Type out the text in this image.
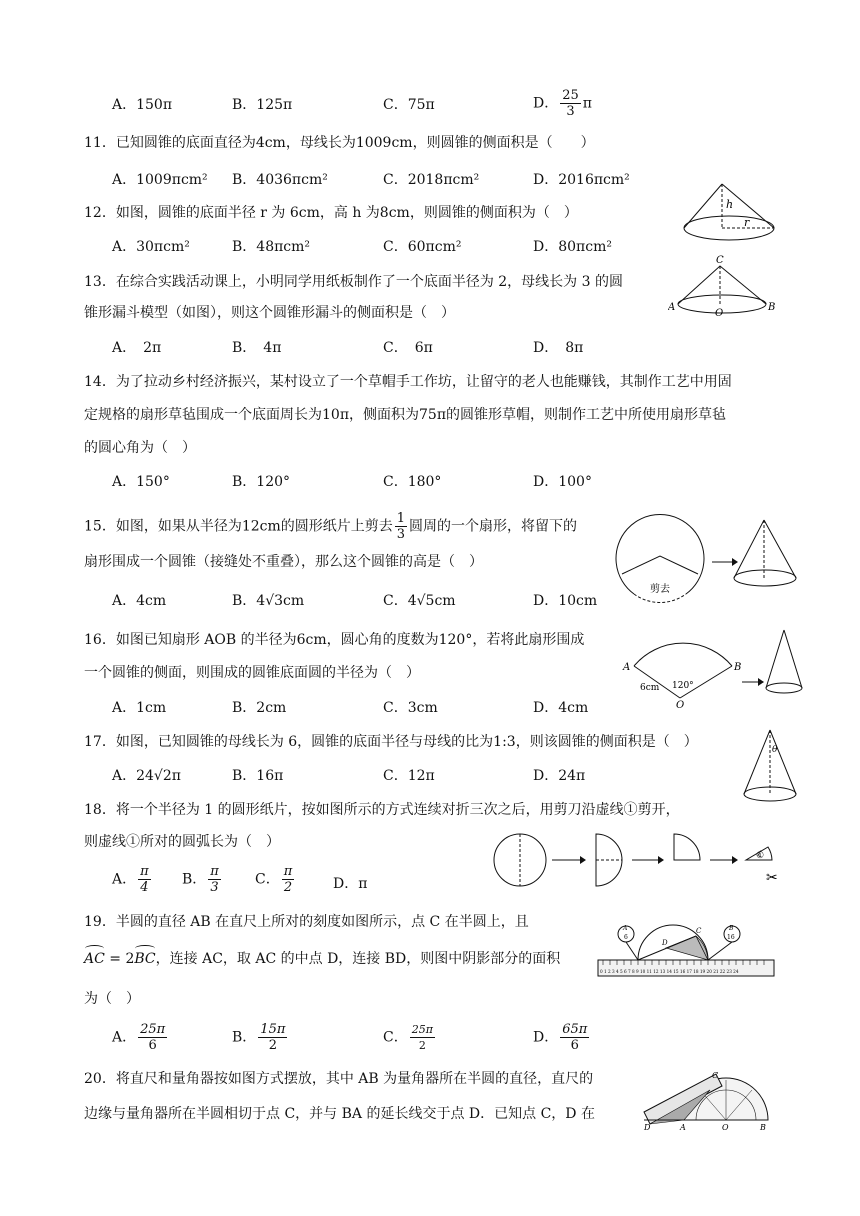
A．150π	B．125π	C．75π	D． $\frac{25}{3}$ π
11．已知圆锥的底面直径为4cm，母线长为1009cm，则圆锥的侧面积是（　　）
A．1009πcm² B．4036πcm²	C．2018πcm²	D．2016πcm²
12．如图，圆锥的底面半径 r 为 6cm，高 h 为8cm，则圆锥的侧面积为（　）
A．30πcm²	B．48πcm²	C．60πcm²	D．80πcm²
h
r
13．在综合实践活动课上，小明同学用纸板制作了一个底面半径为 2，母线长为 3 的圆
锥形漏斗模型（如图），则这个圆锥形漏斗的侧面积是（　）
A．　2π	B．　4π	C．　6π	D．　8π
C
A	B
O
14．为了拉动乡村经济振兴，某村设立了一个草帽手工作坊，让留守的老人也能赚钱，其制作工艺中用固
定规格的扇形草毡围成一个底面周长为10π，侧面积为75π的圆锥形草帽，则制作工艺中所使用扇形草毡
的圆心角为（　）
A．150°	B．120°	C．180°	D．100°
15．如图，如果从半径为12cm的圆形纸片上剪去 $\frac{1}{3}$ 圆周的一个扇形，将留下的
扇形围成一个圆锥（接缝处不重叠），那么这个圆锥的高是（　）
A．4cm	B．4√3cm	C．4√5cm	D．10cm
剪去
16．如图已知扇形 AOB 的半径为6cm，圆心角的度数为120°，若将此扇形围成
一个圆锥的侧面，则围成的圆锥底面圆的半径为（　）
A．1cm	B．2cm	C．3cm	D．4cm
A	B
O
6cm 120°
17．如图，已知圆锥的母线长为 6，圆锥的底面半径与母线的比为1:3，则该圆锥的侧面积是（　）
A．24√2π	B．16π	C．12π	D．24π
θ
18．将一个半径为 1 的圆形纸片，按如图所示的方式连续对折三次之后，用剪刀沿虚线①剪开，
则虚线①所对的圆弧长为（　）
A． $\frac{\pi}{4}$ B． $\frac{\pi}{3}$ C． $\frac{\pi}{2}$	D．π
①
✂
19．半圆的直径 AB 在直尺上所对的刻度如图所示，点 C 在半圆上，且
AC = 2BC，连接 AC，取 AC 的中点 D，连接 BD，则图中阴影部分的面积
为（　）
A． $\frac{25\pi}{6}$	B． $\frac{15\pi}{2}$	C． $\frac{25\pi}{2}$	D． $\frac{65\pi}{6}$
0 1 2 3 4 5 6 7 8 9 10 11 12 13 14 15 16 17 18 19 20 21 22 23 24
D
C
A
6
B
16
20．将直尺和量角器按如图方式摆放，其中 AB 为量角器所在半圆的直径，直尺的
边缘与量角器所在半圆相切于点 C，并与 BA 的延长线交于点 D．已知点 C，D 在
C
D	A	O	B
